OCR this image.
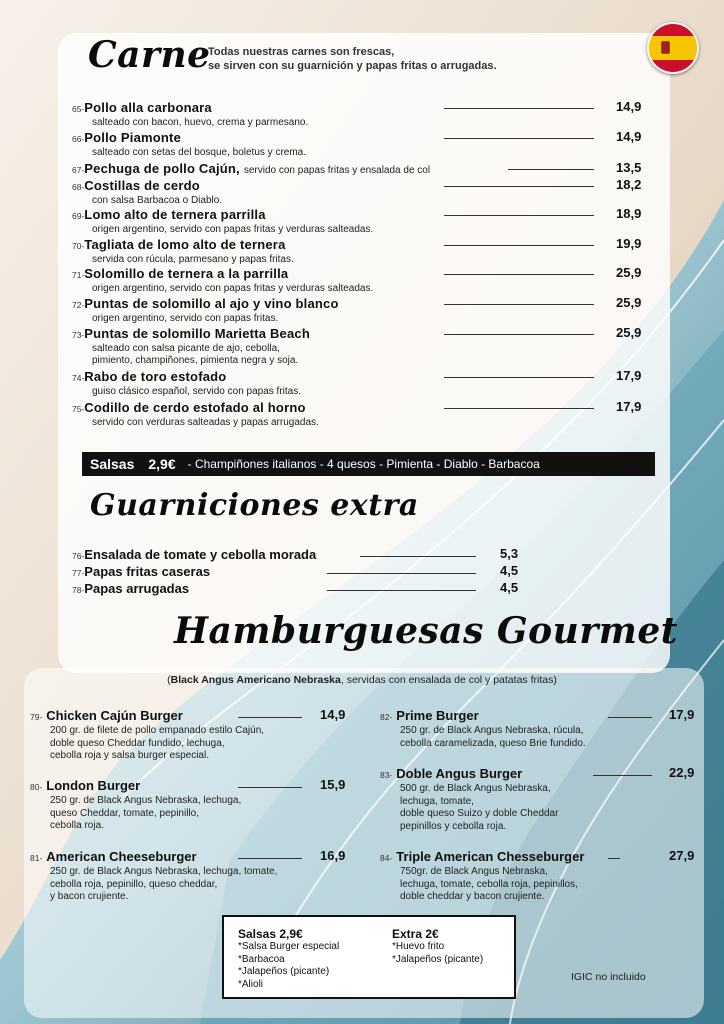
Carne
Todas nuestras carnes son frescas,
se sirven con su guarnición y papas fritas o arrugadas.
65-Pollo alla carbonara
salteado con bacon, huevo, crema y parmesano.
14,9
66-Pollo Piamonte
salteado con setas del bosque, boletus y crema.
14,9
67-Pechuga de pollo Cajún, servido con papas fritas y ensalada de col	13,5
68-Costillas de cerdo
con salsa Barbacoa o Diablo.
18,2
69-Lomo alto de ternera parrilla
origen argentino, servido con papas fritas y verduras salteadas.
18,9
70-Tagliata de lomo alto de ternera
servida con rúcula, parmesano y papas fritas.
19,9
71-Solomillo de ternera a la parrilla
origen argentino, servido con papas fritas y verduras salteadas.
25,9
72-Puntas de solomillo al ajo y vino blanco
origen argentino, servido con papas fritas.
25,9
73-Puntas de solomillo Marietta Beach
salteado con salsa picante de ajo, cebolla,
pimiento, champiñones, pimienta negra y soja.
25,9
74-Rabo de toro estofado
guiso clásico español, servido con papas fritas.
17,9
75-Codillo de cerdo estofado al horno
servido con verduras salteadas y papas arrugadas.
17,9
Salsas 2,9€ - Champiñones italianos - 4 quesos - Pimienta - Diablo - Barbacoa
Guarniciones extra
76-Ensalada de tomate y cebolla morada	5,3
77-Papas fritas caseras	4,5
78-Papas arrugadas	4,5
Hamburguesas Gourmet
(Black Angus Americano Nebraska, servidas con ensalada de col y patatas fritas)
79- Chicken Cajún Burger	14,9
200 gr. de filete de pollo empanado estilo Cajún,
doble queso Cheddar fundido, lechuga,
cebolla roja y salsa burger especial.
80- London Burger	15,9
250 gr. de Black Angus Nebraska, lechuga,
queso Cheddar, tomate, pepinillo,
cebolla roja.
81- American Cheeseburger	16,9
250 gr. de Black Angus Nebraska, lechuga, tomate,
cebolla roja, pepinillo, queso cheddar,
y bacon crujiente.
82- Prime Burger	17,9
250 gr. de Black Angus Nebraska, rúcula,
cebolla caramelizada, queso Brie fundido.
83- Doble Angus Burger	22,9
500 gr. de Black Angus Nebraska,
lechuga, tomate,
doble queso Suizo y doble Cheddar
pepinillos y cebolla roja.
84- Triple American Chesseburger	27,9
750gr. de Black Angus Nebraska,
lechuga, tomate, cebolla roja, pepinillos,
doble cheddar y bacon crujiente.
Salsas 2,9€
*Salsa Burger especial
*Barbacoa
*Jalapeños (picante)
*Alioli
Extra 2€
*Huevo frito
*Jalapeños (picante)
IGIC no incluido
